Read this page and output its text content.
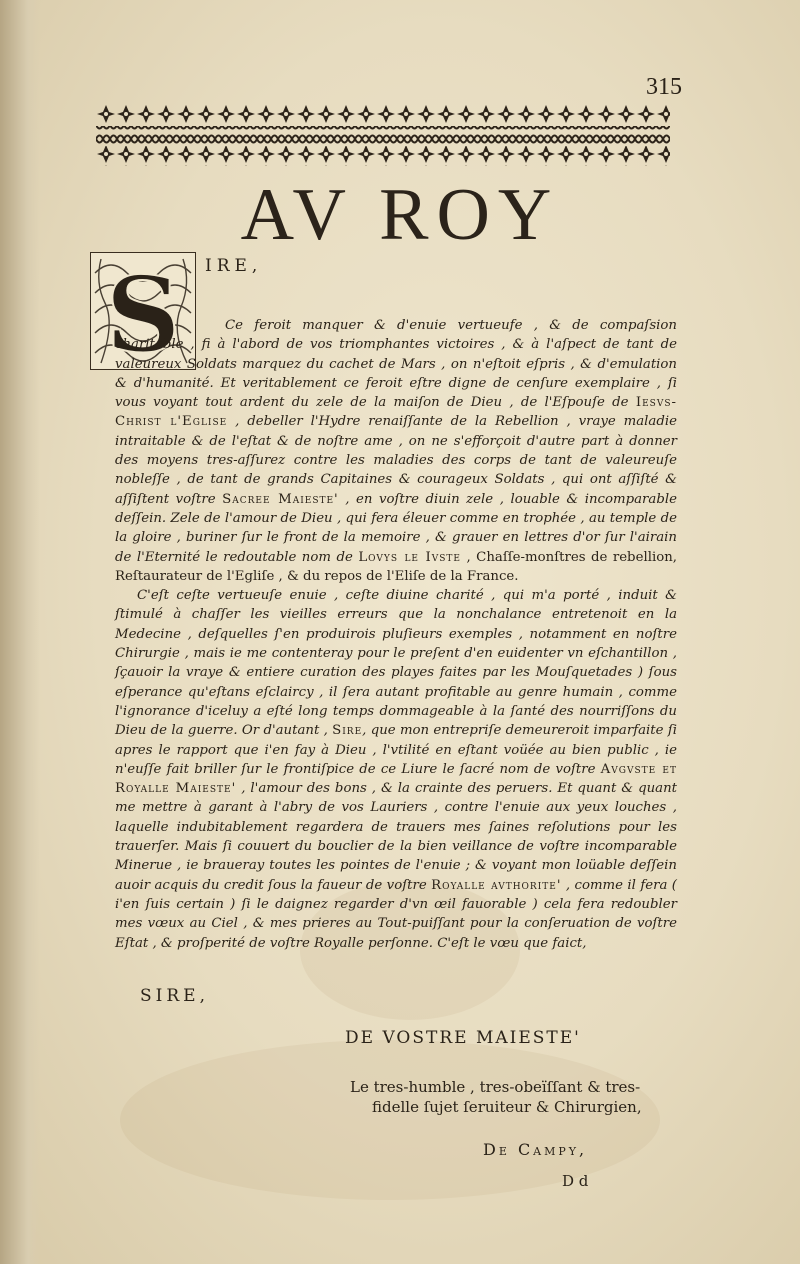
315
AV ROY
S IRE,

Ce feroit manquer & d'enuie vertueufe , & de compaſsion charitable , fi à l'abord de vos triomphantes victoires , & à l'aſpect de tant de valeureux Soldats marquez du cachet de Mars , on n'eſtoit eſpris , & d'emulation & d'humanité. Et veritablement ce feroit eſtre digne de cenſure exemplaire , ſi vous voyant tout ardent du zele de la maiſon de Dieu , de l'Eſpouſe de Iesvs-Christ l'Eglise , debeller l'Hydre renaiſſante de la Rebellion , vraye maladie intraitable & de l'eſtat & de noſtre ame , on ne s'efforçoit d'autre part à donner des moyens tres-aſſurez contre les maladies des corps de tant de valeureuſe nobleſſe , de tant de grands Capitaines & courageux Soldats , qui ont aſſiſté & aſſiſtent voſtre Sacree Maieste' , en voſtre diuin zele , louable & incomparable deſſein. Zele de l'amour de Dieu , qui fera éleuer comme en trophée , au temple de la gloire , buriner ſur le front de la memoire , & grauer en lettres d'or ſur l'airain de l'Eternité le redoutable nom de Lovys le Ivste , Chaſſe-monſtres de rebellion, Reſtaurateur de l'Egliſe , & du repos de l'Eliſe de la France.

C'eſt ceſte vertueuſe enuie , ceſte diuine charité , qui m'a porté , induit & ſtimulé à chaſſer les vieilles erreurs que la nonchalance entretenoit en la Medecine , deſquelles ſ'en produirois pluſieurs exemples , notamment en noſtre Chirurgie , mais ie me contenteray pour le preſent d'en euidenter vn eſchantillon , ſçauoir la vraye & entiere curation des playes faites par les Mouſquetades ) ſous eſperance qu'eſtans eſclaircy , il ſera autant profitable au genre humain , comme l'ignorance d'iceluy a eſté long temps dommageable à la ſanté des nourriſſons du Dieu de la guerre. Or d'autant , Sire, que mon entrepriſe demeureroit imparfaite ſi apres le rapport que i'en fay à Dieu , l'vtilité en eſtant voüée au bien public , ie n'euſſe fait briller ſur le frontiſpice de ce Liure le ſacré nom de voſtre Avgvste et Royalle Maieste' , l'amour des bons , & la crainte des peruers. Et quant & quant me mettre à garant à l'abry de vos Lauriers , contre l'enuie aux yeux louches , laquelle indubitablement regardera de trauers mes ſaines reſolutions pour les trauerſer. Mais ſi couuert du bouclier de la bien veillance de voſtre incomparable Minerue , ie braueray toutes les pointes de l'enuie ; & voyant mon loüable deſſein auoir acquis du credit ſous la faueur de voſtre Royalle avthorite' , comme il fera ( i'en ſuis certain ) ſi le daignez regarder d'vn œil fauorable ) cela fera redoubler mes vœux au Ciel , & mes prieres au Tout-puiſſant pour la conſeruation de voſtre Eſtat , & proſperité de voſtre Royalle perſonne. C'eſt le vœu que faict,

SIRE,
DE VOSTRE MAIESTE'
Le tres-humble , tres-obeïſſant & tres-
fidelle ſujet ſeruiteur & Chirurgien,
De Campy,
D d
